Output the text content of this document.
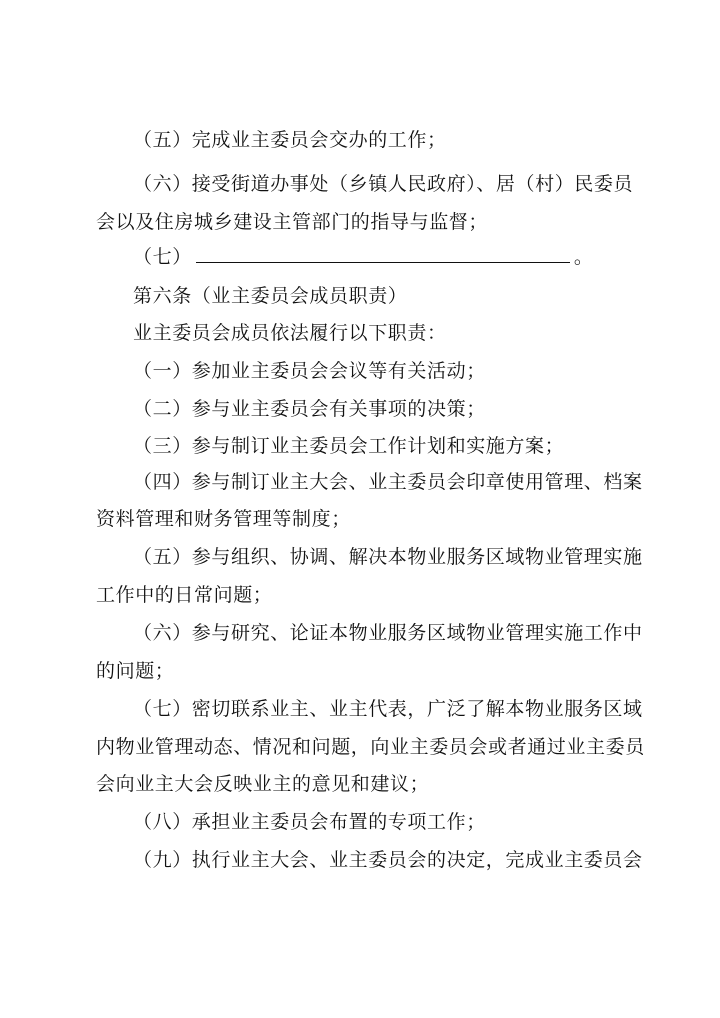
（五）完成业主委员会交办的工作；
（六）接受街道办事处（乡镇人民政府）、居（村）民委员
会以及住房城乡建设主管部门的指导与监督；
（七）	。
第六条（业主委员会成员职责）
业主委员会成员依法履行以下职责：
（一）参加业主委员会会议等有关活动；
（二）参与业主委员会有关事项的决策；
（三）参与制订业主委员会工作计划和实施方案；
（四）参与制订业主大会、业主委员会印章使用管理、档案
资料管理和财务管理等制度；
（五）参与组织、协调、解决本物业服务区域物业管理实施
工作中的日常问题；
（六）参与研究、论证本物业服务区域物业管理实施工作中
的问题；
（七）密切联系业主、业主代表，广泛了解本物业服务区域
内物业管理动态、情况和问题，向业主委员会或者通过业主委员
会向业主大会反映业主的意见和建议；
（八）承担业主委员会布置的专项工作；
（九）执行业主大会、业主委员会的决定，完成业主委员会
